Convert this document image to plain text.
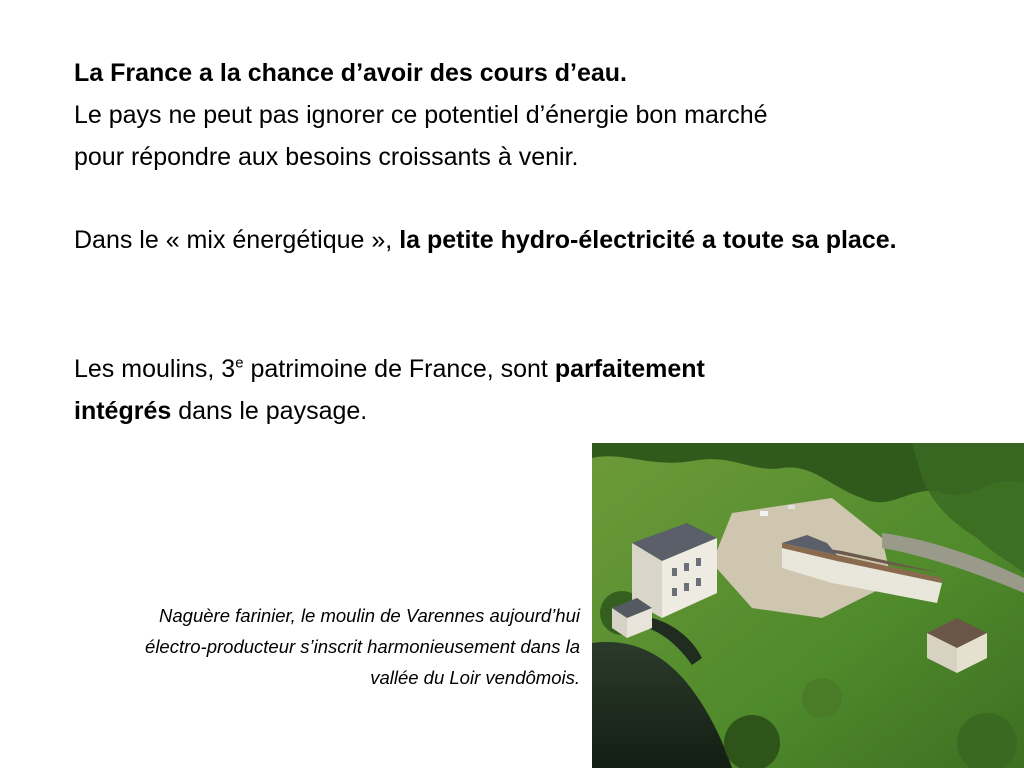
La France a la chance d’avoir des cours d’eau.
Le pays ne peut pas ignorer ce potentiel d’énergie bon marché
pour répondre aux besoins croissants à venir.
Dans le « mix énergétique », la petite hydro-électricité a toute sa place.
Les moulins, 3e patrimoine de France, sont parfaitement
intégrés dans le paysage.
Naguère farinier, le moulin de Varennes aujourd’hui
électro-producteur s’inscrit harmonieusement dans la
vallée du Loir vendômois.
